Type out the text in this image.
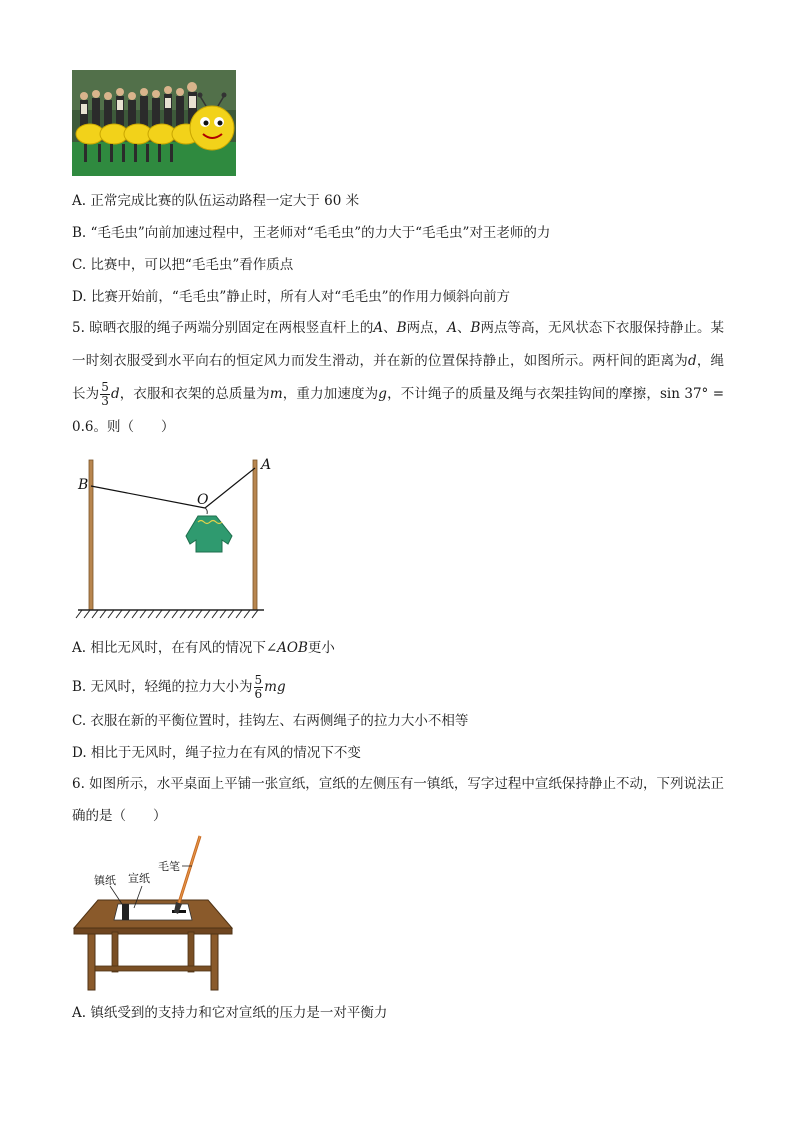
A. 正常完成比赛的队伍运动路程一定大于 60 米
B. “毛毛虫”向前加速过程中，王老师对“毛毛虫”的力大于“毛毛虫”对王老师的力
C. 比赛中，可以把“毛毛虫”看作质点
D. 比赛开始前，“毛毛虫”静止时，所有人对“毛毛虫”的作用力倾斜向前方
5. 晾晒衣服的绳子两端分别固定在两根竖直杆上的A、B两点，A、B两点等高，无风状态下衣服保持静止。某一时刻衣服受到水平向右的恒定风力而发生滑动，并在新的位置保持静止，如图所示。两杆间的距离为d，绳长为 $\frac{5}{3}$ d，衣服和衣架的总质量为m，重力加速度为g，不计绳子的质量及绳与衣架挂钩间的摩擦，sin 37° = 0.6。则（　　）
B
O
A
A. 相比无风时，在有风的情况下∠AOB更小
B. 无风时，轻绳的拉力大小为 $\frac{5}{6}$ mg
C. 衣服在新的平衡位置时，挂钩左、右两侧绳子的拉力大小不相等
D. 相比于无风时，绳子拉力在有风的情况下不变
6. 如图所示，水平桌面上平铺一张宣纸，宣纸的左侧压有一镇纸，写字过程中宣纸保持静止不动，下列说法正确的是（　　）
毛笔
镇纸 宣纸
A. 镇纸受到的支持力和它对宣纸的压力是一对平衡力
